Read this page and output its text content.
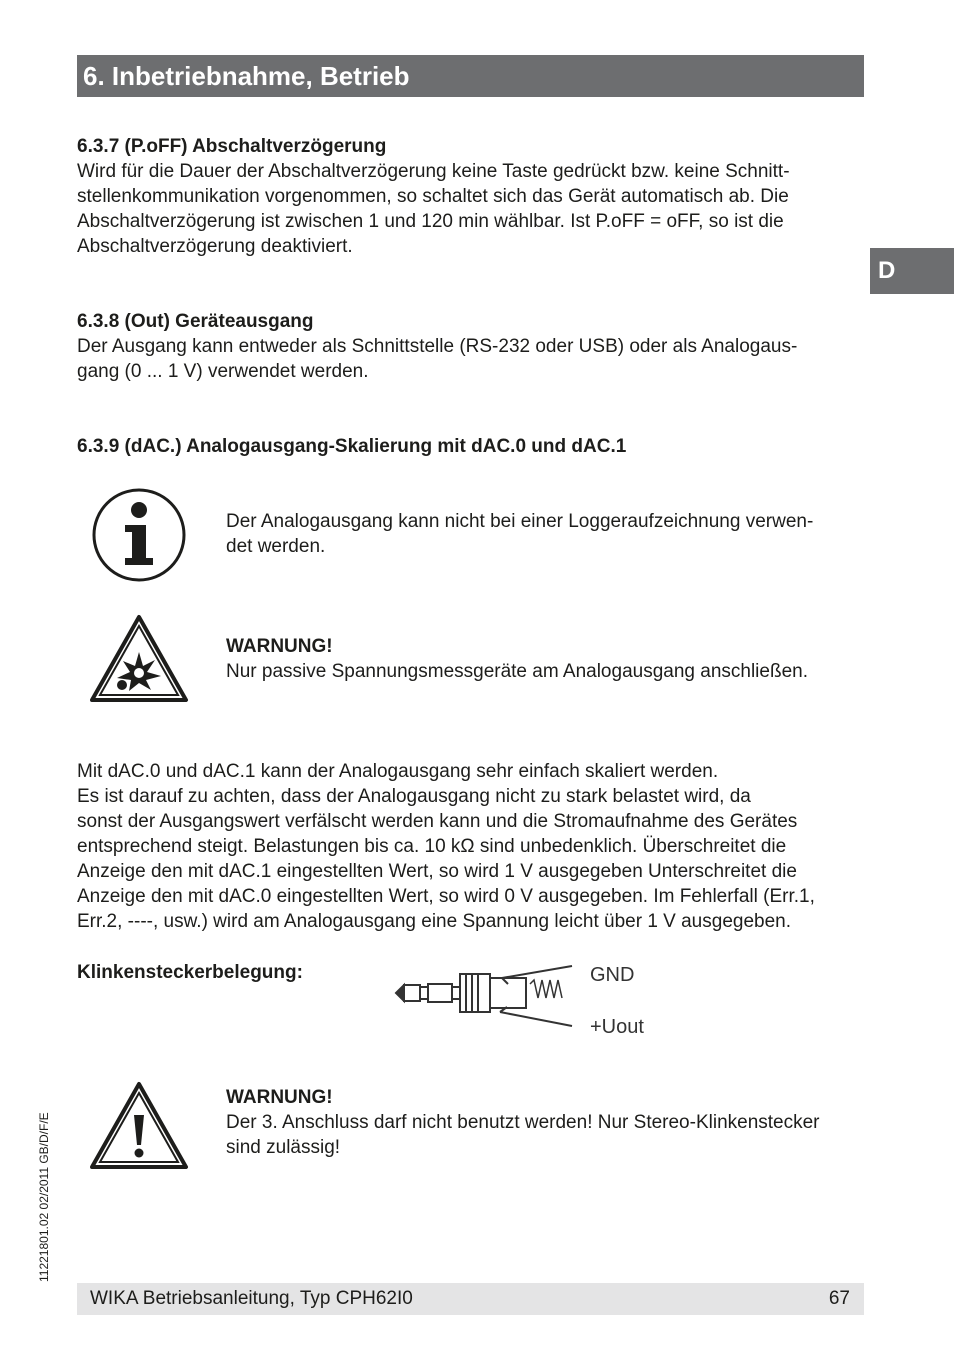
6. Inbetriebnahme, Betrieb
D
6.3.7 (P.oFF) Abschaltverzögerung
Wird für die Dauer der Abschaltverzögerung keine Taste gedrückt bzw. keine Schnitt-
stellenkommunikation vorgenommen, so schaltet sich das Gerät automatisch ab. Die
Abschaltverzögerung ist zwischen 1 und 120 min wählbar. Ist P.oFF = oFF, so ist die
Abschaltverzögerung deaktiviert.
6.3.8 (Out) Geräteausgang
Der Ausgang kann entweder als Schnittstelle (RS-232 oder USB) oder als Analogaus-
gang (0 ... 1 V) verwendet werden.
6.3.9 (dAC.) Analogausgang-Skalierung mit dAC.0 und dAC.1
Der Analogausgang kann nicht bei einer Loggeraufzeichnung verwen-
det werden.
WARNUNG!
Nur passive Spannungsmessgeräte am Analogausgang anschließen.
Mit dAC.0 und dAC.1 kann der Analogausgang sehr einfach skaliert werden.
Es ist darauf zu achten, dass der Analogausgang nicht zu stark belastet wird, da
sonst der Ausgangswert verfälscht werden kann und die Stromaufnahme des Gerätes
entsprechend steigt. Belastungen bis ca. 10 kΩ sind unbedenklich. Überschreitet die
Anzeige den mit dAC.1 eingestellten Wert, so wird 1 V ausgegeben Unterschreitet die
Anzeige den mit dAC.0 eingestellten Wert, so wird 0 V ausgegeben. Im Fehlerfall (Err.1,
Err.2, ----, usw.) wird am Analogausgang eine Spannung leicht über 1 V ausgegeben.
Klinkensteckerbelegung:	GND
+Uout
WARNUNG!
Der 3. Anschluss darf nicht benutzt werden! Nur Stereo-Klinkenstecker
sind zulässig!
11221801.02 02/2011 GB/D/F/E
WIKA Betriebsanleitung, Typ CPH62I0	67
